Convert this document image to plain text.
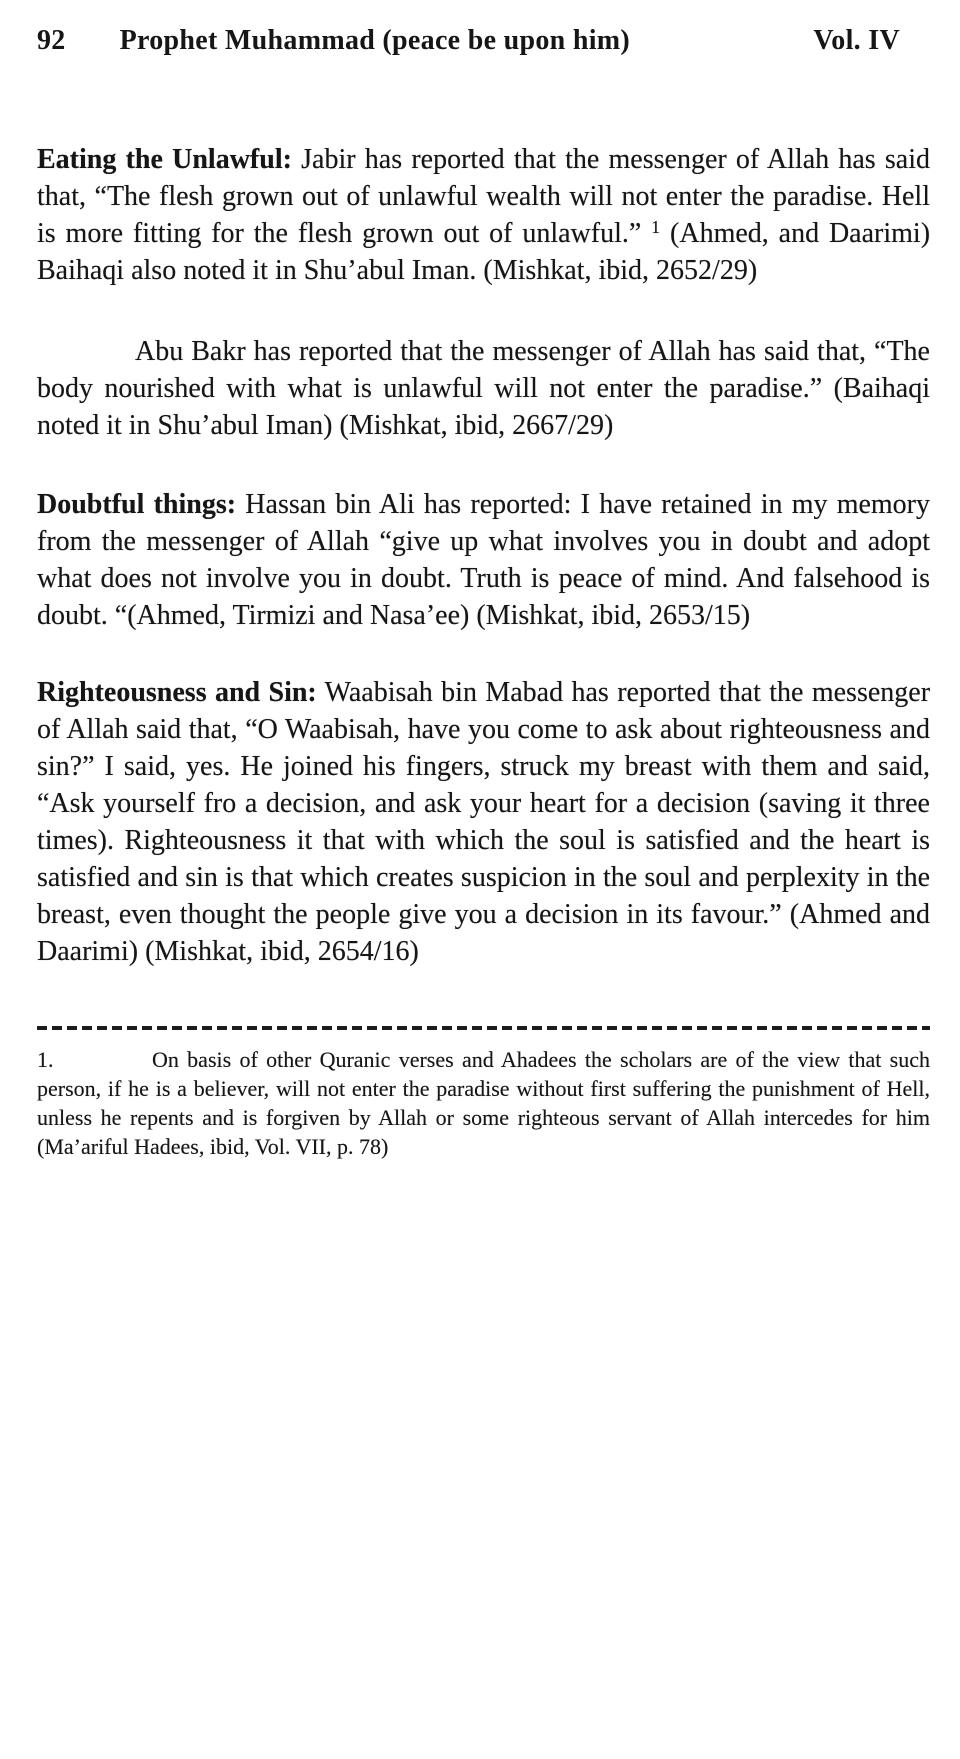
92 Prophet Muhammad (peace be upon him)	Vol. IV

Eating the Unlawful: Jabir has reported that the messenger of Allah has said that, “The flesh grown out of unlawful wealth will not enter the paradise. Hell is more fitting for the flesh grown out of unlawful.” $^1$ (Ahmed, and Daarimi) Baihaqi also noted it in Shu’abul Iman. (Mishkat, ibid, 2652/29)

Abu Bakr has reported that the messenger of Allah has said that, “The body nourished with what is unlawful will not enter the paradise.” (Baihaqi noted it in Shu’abul Iman) (Mishkat, ibid, 2667/29)

Doubtful things: Hassan bin Ali has reported: I have retained in my memory from the messenger of Allah “give up what involves you in doubt and adopt what does not involve you in doubt. Truth is peace of mind. And falsehood is doubt. “(Ahmed, Tirmizi and Nasa’ee) (Mishkat, ibid, 2653/15)

Righteousness and Sin: Waabisah bin Mabad has reported that the messenger of Allah said that, “O Waabisah, have you come to ask about righteousness and sin?” I said, yes. He joined his fingers, struck my breast with them and said, “Ask yourself fro a decision, and ask your heart for a decision (saving it three times). Righteousness it that with which the soul is satisfied and the heart is satisfied and sin is that which creates suspicion in the soul and perplexity in the breast, even thought the people give you a decision in its favour.” (Ahmed and Daarimi) (Mishkat, ibid, 2654/16)

1.	On basis of other Quranic verses and Ahadees the scholars are of the view that such person, if he is a believer, will not enter the paradise without first suffering the punishment of Hell, unless he repents and is forgiven by Allah or some righteous servant of Allah intercedes for him (Ma’ariful Hadees, ibid, Vol. VII, p. 78)
